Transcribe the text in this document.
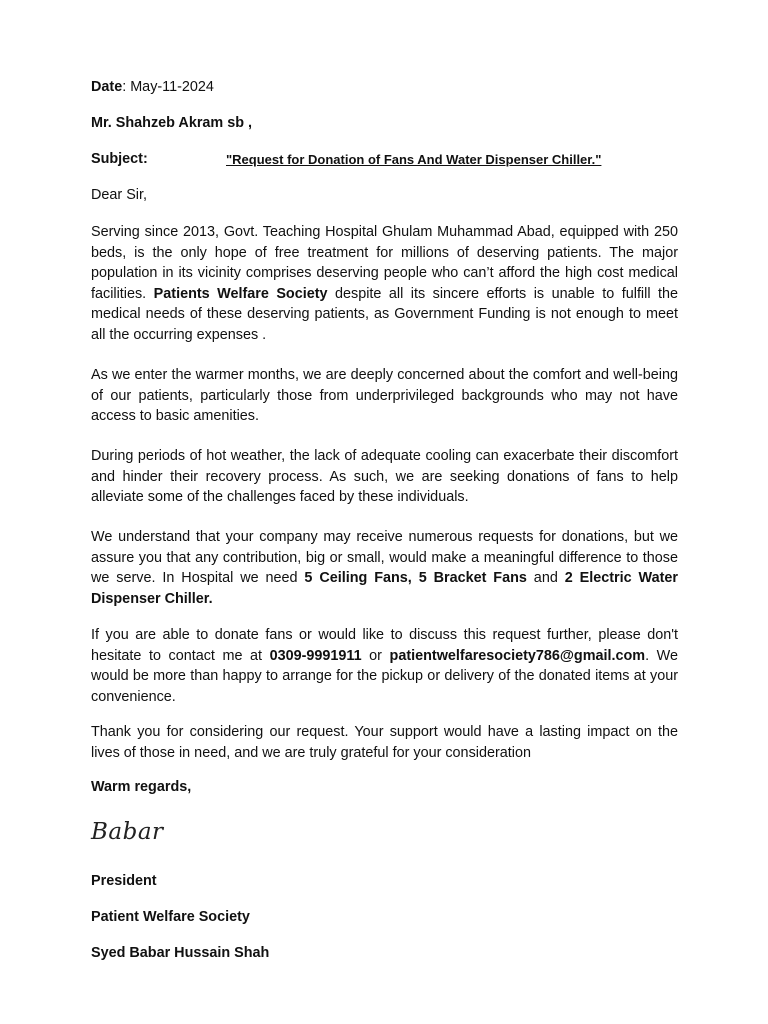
Date: May-11-2024
Mr. Shahzeb Akram sb ,
Subject:	"Request for Donation of Fans And Water Dispenser Chiller."
Dear Sir,
Serving since 2013, Govt. Teaching Hospital Ghulam Muhammad Abad, equipped with 250 beds, is the only hope of free treatment for millions of deserving patients. The major population in its vicinity comprises deserving people who can’t afford the high cost medical facilities. Patients Welfare Society despite all its sincere efforts is unable to fulfill the medical needs of these deserving patients, as Government Funding is not enough to meet all the occurring expenses .
As we enter the warmer months, we are deeply concerned about the comfort and well-being of our patients, particularly those from underprivileged backgrounds who may not have access to basic amenities.
During periods of hot weather, the lack of adequate cooling can exacerbate their discomfort and hinder their recovery process. As such, we are seeking donations of fans to help alleviate some of the challenges faced by these individuals.
We understand that your company may receive numerous requests for donations, but we assure you that any contribution, big or small, would make a meaningful difference to those we serve. In Hospital we need 5 Ceiling Fans, 5 Bracket Fans and 2 Electric Water Dispenser Chiller.
If you are able to donate fans or would like to discuss this request further, please don't hesitate to contact me at 0309-9991911 or patientwelfaresociety786@gmail.com. We would be more than happy to arrange for the pickup or delivery of the donated items at your convenience.
Thank you for considering our request. Your support would have a lasting impact on the lives of those in need, and we are truly grateful for your consideration
Warm regards,
Babar
President
Patient Welfare Society
Syed Babar Hussain Shah
